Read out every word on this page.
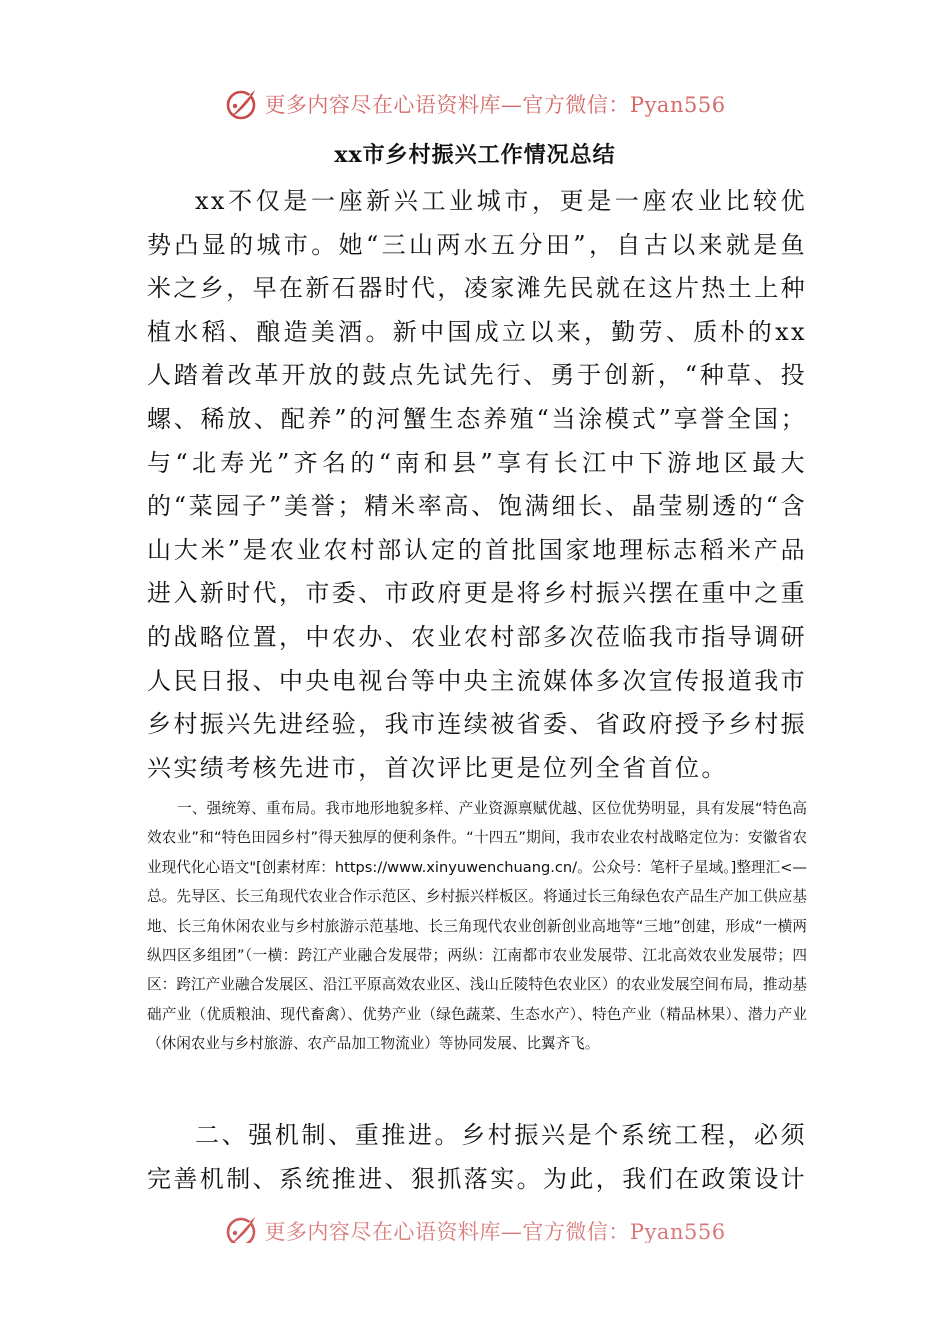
更多内容尽在心语资料库—官方微信：Pyan556
xx市乡村振兴工作情况总结

xx不仅是一座新兴工业城市，更是一座农业比较优势凸显的城市。她“三山两水五分田”，自古以来就是鱼米之乡，早在新石器时代，凌家滩先民就在这片热土上种植水稻、酿造美酒。新中国成立以来，勤劳、质朴的xx人踏着改革开放的鼓点先试先行、勇于创新，“种草、投螺、稀放、配养”的河蟹生态养殖“当涂模式”享誉全国；与“北寿光”齐名的“南和县”享有长江中下游地区最大的“菜园子”美誉；精米率高、饱满细长、晶莹剔透的“含山大米”是农业农村部认定的首批国家地理标志稻米产品进入新时代，市委、市政府更是将乡村振兴摆在重中之重的战略位置，中农办、农业农村部多次莅临我市指导调研人民日报、中央电视台等中央主流媒体多次宣传报道我市乡村振兴先进经验，我市连续被省委、省政府授予乡村振兴实绩考核先进市，首次评比更是位列全省首位。

一、强统筹、重布局。我市地形地貌多样、产业资源禀赋优越、区位优势明显，具有发展“特色高效农业”和“特色田园乡村”得天独厚的便利条件。“十四五”期间，我市农业农村战略定位为：安徽省农业现代化心语文"[创素材库：https://www.xinyuwenchuang.cn/。公众号：笔杆子星域。]整理汇<—总。先导区、长三角现代农业合作示范区、乡村振兴样板区。将通过长三角绿色农产品生产加工供应基地、长三角休闲农业与乡村旅游示范基地、长三角现代农业创新创业高地等“三地”创建，形成“一横两纵四区多组团”（一横：跨江产业融合发展带；两纵：江南都市农业发展带、江北高效农业发展带；四区：跨江产业融合发展区、沿江平原高效农业区、浅山丘陵特色农业区）的农业发展空间布局，推动基础产业（优质粮油、现代畜禽）、优势产业（绿色蔬菜、生态水产）、特色产业（精品林果）、潜力产业（休闲农业与乡村旅游、农产品加工物流业）等协同发展、比翼齐飞。

二、强机制、重推进。乡村振兴是个系统工程，必须完善机制、系统推进、狠抓落实。为此，我们在政策设计

更多内容尽在心语资料库—官方微信：Pyan556
